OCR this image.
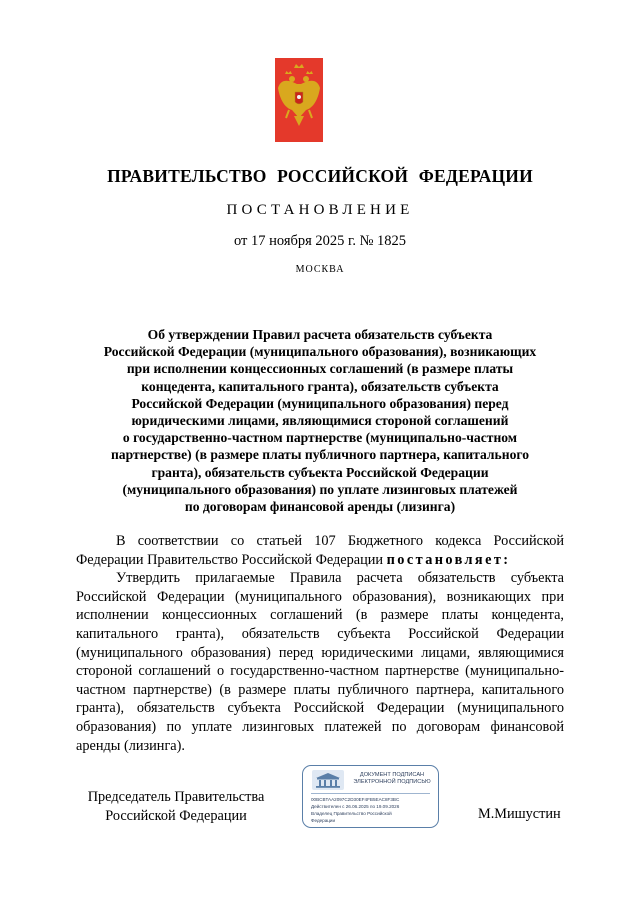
ПРАВИТЕЛЬСТВО РОССИЙСКОЙ ФЕДЕРАЦИИ
ПОСТАНОВЛЕНИЕ
от 17 ноября 2025 г. № 1825
МОСКВА
Об утверждении Правил расчета обязательств субъекта
Российской Федерации (муниципального образования), возникающих
при исполнении концессионных соглашений (в размере платы
концедента, капитального гранта), обязательств субъекта
Российской Федерации (муниципального образования) перед
юридическими лицами, являющимися стороной соглашений
о государственно-частном партнерстве (муниципально-частном
партнерстве) (в размере платы публичного партнера, капитального
гранта), обязательств субъекта Российской Федерации
(муниципального образования) по уплате лизинговых платежей
по договорам финансовой аренды (лизинга)

В соответствии со статьей 107 Бюджетного кодекса Российской Федерации Правительство Российской Федерации постановляет:

Утвердить прилагаемые Правила расчета обязательств субъекта Российской Федерации (муниципального образования), возникающих при исполнении концессионных соглашений (в размере платы концедента, капитального гранта), обязательств субъекта Российской Федерации (муниципального образования) перед юридическими лицами, являющимися стороной соглашений о государственно-частном партнерстве (муниципально-частном партнерстве) (в размере платы публичного партнера, капитального гранта), обязательств субъекта Российской Федерации (муниципального образования) по уплате лизинговых платежей по договорам финансовой аренды (лизинга).

Председатель Правительства
Российской Федерации
ДОКУМЕНТ ПОДПИСАН
ЭЛЕКТРОННОЙ ПОДПИСЬЮ
00BCBTAA2097C2D30EF4FB5EAC8F3BC
Действителен с 26.06.2025 по 19.09.2026
Владелец Правительство Российской
Федерации	М.Мишустин
